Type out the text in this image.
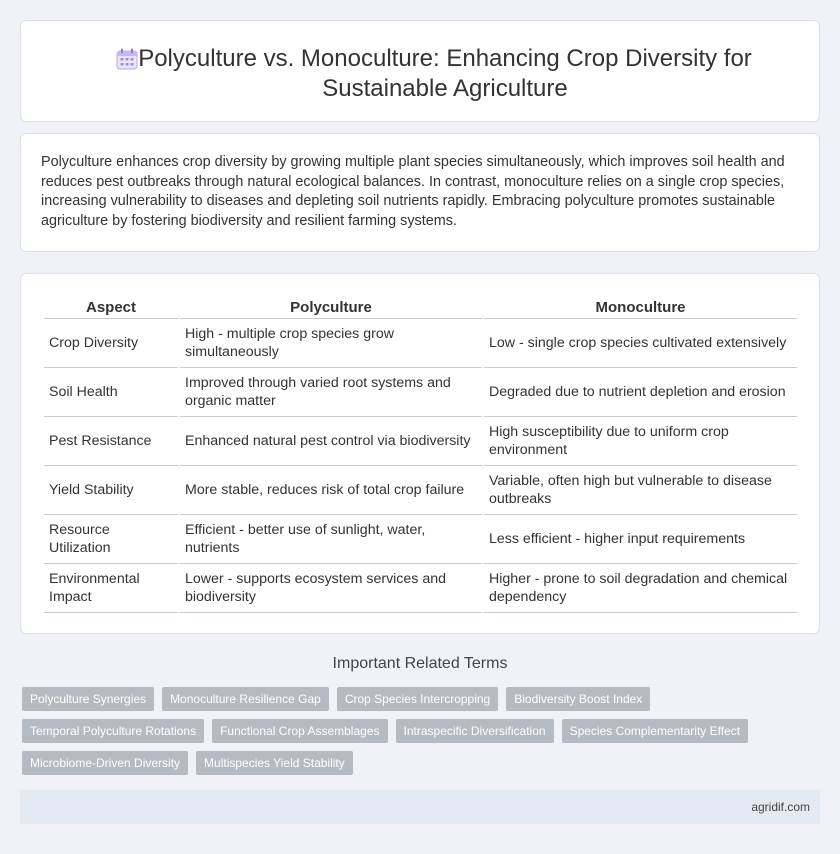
Polyculture vs. Monoculture: Enhancing Crop Diversity for Sustainable Agriculture

Polyculture enhances crop diversity by growing multiple plant species simultaneously, which improves soil health and reduces pest outbreaks through natural ecological balances. In contrast, monoculture relies on a single crop species, increasing vulnerability to diseases and depleting soil nutrients rapidly. Embracing polyculture promotes sustainable agriculture by fostering biodiversity and resilient farming systems.

Aspect	Polyculture	Monoculture
Crop Diversity	High - multiple crop species grow simultaneously	Low - single crop species cultivated extensively
Soil Health	Improved through varied root systems and organic matter	Degraded due to nutrient depletion and erosion
Pest Resistance	Enhanced natural pest control via biodiversity	High susceptibility due to uniform crop environment
Yield Stability	More stable, reduces risk of total crop failure	Variable, often high but vulnerable to disease outbreaks
Resource Utilization	Efficient - better use of sunlight, water, nutrients	Less efficient - higher input requirements
Environmental Impact	Lower - supports ecosystem services and biodiversity	Higher - prone to soil degradation and chemical dependency
Important Related Terms
Polyculture Synergies	Monoculture Resilience Gap	Crop Species Intercropping	Biodiversity Boost Index
Temporal Polyculture Rotations	Functional Crop Assemblages	Intraspecific Diversification	Species Complementarity Effect
Microbiome-Driven Diversity	Multispecies Yield Stability
agridif.com
